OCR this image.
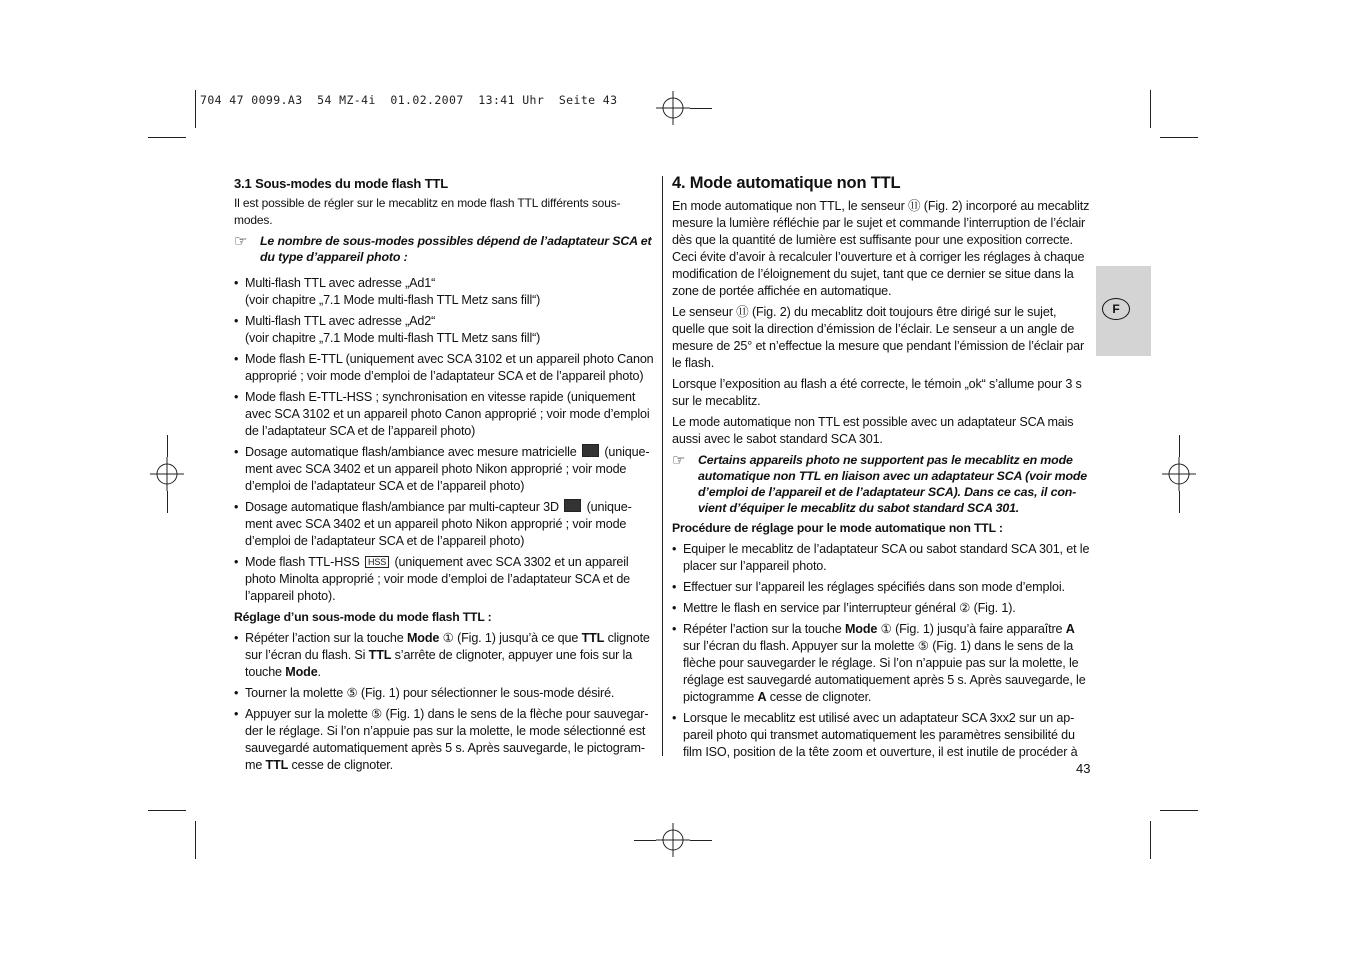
704 47 0099.A3  54 MZ-4i  01.02.2007  13:41 Uhr  Seite 43
F
3.1 Sous-modes du mode flash TTL

Il est possible de régler sur le mecablitz en mode flash TTL différents sous-modes.

☞	Le nombre de sous-modes possibles dépend de l’adaptateur SCA et du type d’appareil photo :
• Multi-flash TTL avec adresse „Ad1“
(voir chapitre „7.1 Mode multi-flash TTL Metz sans fill“)
• Multi-flash TTL avec adresse „Ad2“
(voir chapitre „7.1 Mode multi-flash TTL Metz sans fill“)
• Mode flash E-TTL (uniquement avec SCA 3102 et un appareil photo Canon approprié ; voir mode d’emploi de l’adaptateur SCA et de l’appareil photo)
• Mode flash E-TTL-HSS ; synchronisation en vitesse rapide (uniquement avec SCA 3102 et un appareil photo Canon approprié ; voir mode d’emploi de l’adaptateur SCA et de l’appareil photo)
• Dosage automatique flash/ambiance avec mesure matricielle (unique-ment avec SCA 3402 et un appareil photo Nikon approprié ; voir mode d’emploi de l’adaptateur SCA et de l’appareil photo)
• Dosage automatique flash/ambiance par multi-capteur 3D (unique-ment avec SCA 3402 et un appareil photo Nikon approprié ; voir mode d’emploi de l’adaptateur SCA et de l’appareil photo)
• Mode flash TTL-HSS HSS (uniquement avec SCA 3302 et un appareil photo Minolta approprié ; voir mode d’emploi de l’adaptateur SCA et de l’appareil photo).
Réglage d’un sous-mode du mode flash TTL :
• Répéter l’action sur la touche Mode ① (Fig. 1) jusqu’à ce que TTL clignote sur l’écran du flash. Si TTL s’arrête de clignoter, appuyer une fois sur la touche Mode.
• Tourner la molette ⑤ (Fig. 1) pour sélectionner le sous-mode désiré.
• Appuyer sur la molette ⑤ (Fig. 1) dans le sens de la flèche pour sauvegar-der le réglage. Si l’on n’appuie pas sur la molette, le mode sélectionné est sauvegardé automatiquement après 5 s. Après sauvegarde, le pictogram-me TTL cesse de clignoter.
4. Mode automatique non TTL

En mode automatique non TTL, le senseur ⑪ (Fig. 2) incorporé au mecablitz mesure la lumière réfléchie par le sujet et commande l’interruption de l’éclair dès que la quantité de lumière est suffisante pour une exposition correcte. Ceci évite d’avoir à recalculer l’ouverture et à corriger les réglages à chaque modification de l’éloignement du sujet, tant que ce dernier se situe dans la zone de portée affichée en automatique.

Le senseur ⑪ (Fig. 2) du mecablitz doit toujours être dirigé sur le sujet, quelle que soit la direction d’émission de l’éclair. Le senseur a un angle de mesure de 25° et n’effectue la mesure que pendant l’émission de l’éclair par le flash.

Lorsque l’exposition au flash a été correcte, le témoin „ok“ s’allume pour 3 s sur le mecablitz.

Le mode automatique non TTL est possible avec un adaptateur SCA mais aussi avec le sabot standard SCA 301.

☞	Certains appareils photo ne supportent pas le mecablitz en mode automatique non TTL en liaison avec un adaptateur SCA (voir mode d’emploi de l’appareil et de l’adaptateur SCA). Dans ce cas, il con-vient d’équiper le mecablitz du sabot standard SCA 301.
Procédure de réglage pour le mode automatique non TTL :
• Equiper le mecablitz de l’adaptateur SCA ou sabot standard SCA 301, et le placer sur l’appareil photo.
• Effectuer sur l’appareil les réglages spécifiés dans son mode d’emploi.
• Mettre le flash en service par l’interrupteur général ② (Fig. 1).
• Répéter l’action sur la touche Mode ① (Fig. 1) jusqu’à faire apparaître A sur l’écran du flash. Appuyer sur la molette ⑤ (Fig. 1) dans le sens de la flèche pour sauvegarder le réglage. Si l’on n’appuie pas sur la molette, le réglage est sauvegardé automatiquement après 5 s. Après sauvegarde, le pictogramme A cesse de clignoter.
• Lorsque le mecablitz est utilisé avec un adaptateur SCA 3xx2 sur un ap-pareil photo qui transmet automatiquement les paramètres sensibilité du film ISO, position de la tête zoom et ouverture, il est inutile de procéder à
43
